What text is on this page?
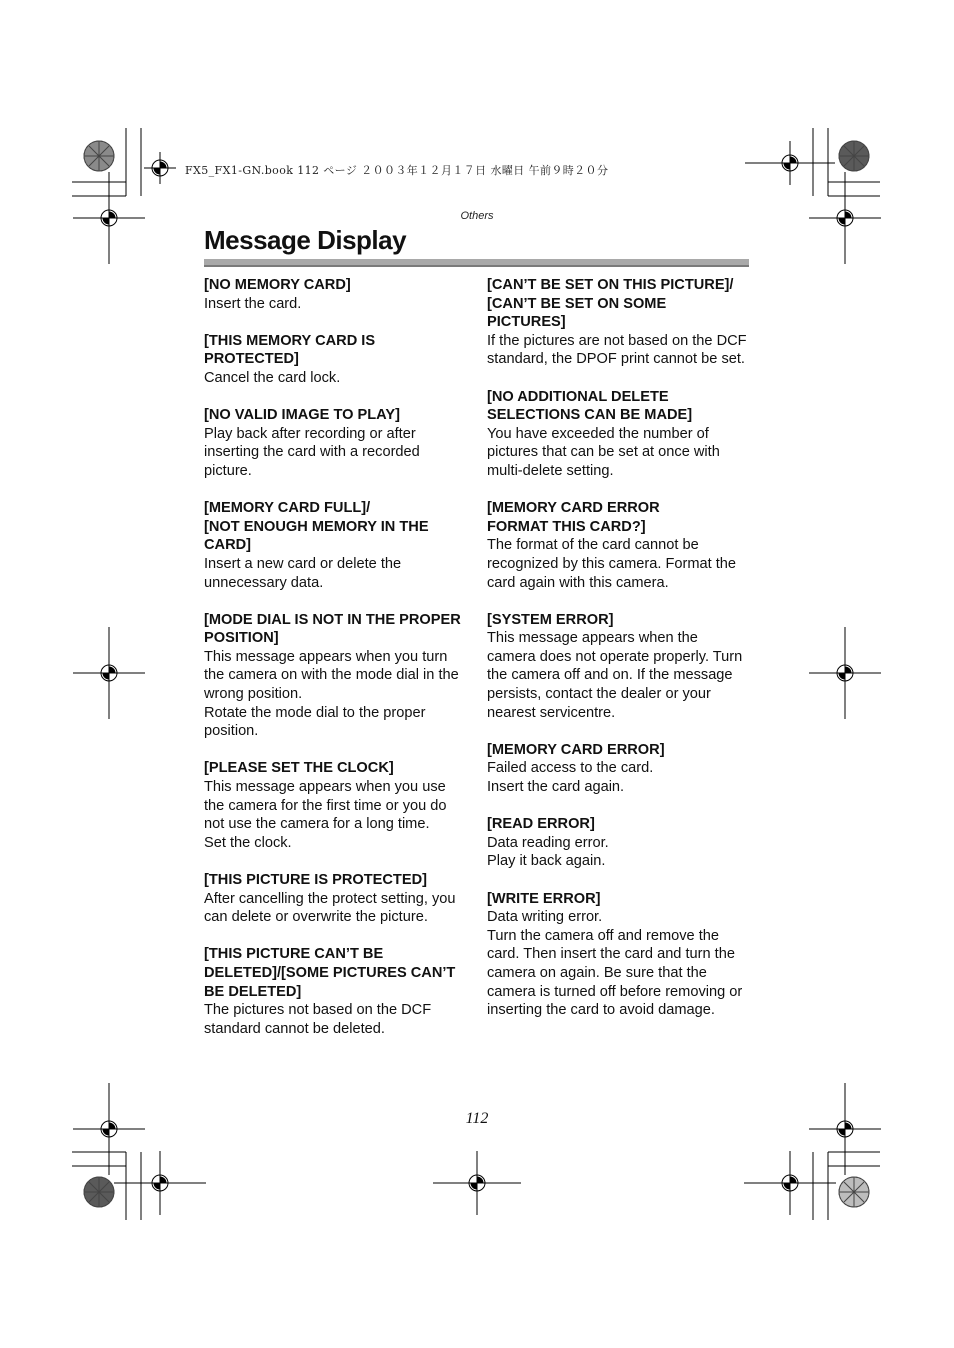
FX5_FX1-GN.book 112 ページ ２００３年１２月１７日 水曜日 午前９時２０分
Others
Message Display
[NO MEMORY CARD]
Insert the card.
[THIS MEMORY CARD IS
PROTECTED]
Cancel the card lock.
[NO VALID IMAGE TO PLAY]
Play back after recording or after
inserting the card with a recorded
picture.
[MEMORY CARD FULL]/
[NOT ENOUGH MEMORY IN THE
CARD]
Insert a new card or delete the
unnecessary data.
[MODE DIAL IS NOT IN THE PROPER
POSITION]
This message appears when you turn
the camera on with the mode dial in the
wrong position.
Rotate the mode dial to the proper
position.
[PLEASE SET THE CLOCK]
This message appears when you use
the camera for the first time or you do
not use the camera for a long time.
Set the clock.
[THIS PICTURE IS PROTECTED]
After cancelling the protect setting, you
can delete or overwrite the picture.
[THIS PICTURE CAN’T BE
DELETED]/[SOME PICTURES CAN’T
BE DELETED]
The pictures not based on the DCF
standard cannot be deleted.
[CAN’T BE SET ON THIS PICTURE]/
[CAN’T BE SET ON SOME
PICTURES]
If the pictures are not based on the DCF
standard, the DPOF print cannot be set.
[NO ADDITIONAL DELETE
SELECTIONS CAN BE MADE]
You have exceeded the number of
pictures that can be set at once with
multi-delete setting.
[MEMORY CARD ERROR
FORMAT THIS CARD?]
The format of the card cannot be
recognized by this camera. Format the
card again with this camera.
[SYSTEM ERROR]
This message appears when the
camera does not operate properly. Turn
the camera off and on. If the message
persists, contact the dealer or your
nearest servicentre.
[MEMORY CARD ERROR]
Failed access to the card.
Insert the card again.
[READ ERROR]
Data reading error.
Play it back again.
[WRITE ERROR]
Data writing error.
Turn the camera off and remove the
card. Then insert the card and turn the
camera on again. Be sure that the
camera is turned off before removing or
inserting the card to avoid damage.
112
